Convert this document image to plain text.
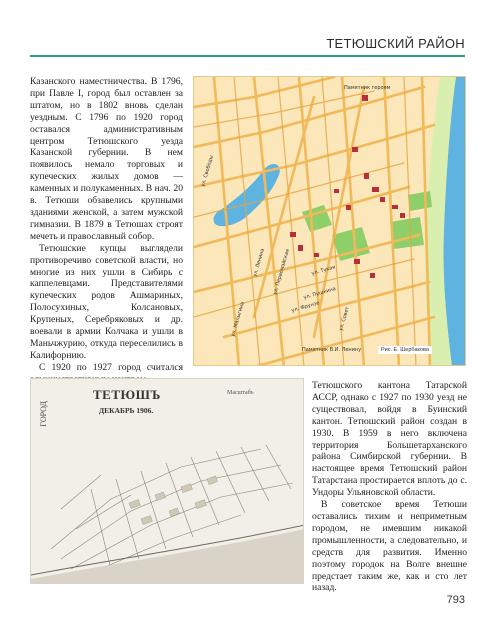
ТЕТЮШСКИЙ РАЙОН

Казанского наместничества. В 1796, при Павле I, город был оставлен за штатом, но в 1802 вновь сделан уездным. С 1796 по 1920 город оставался административным центром Тетюшского уезда Казанской губернии. В нем появилось немало торговых и купеческих жилых домов — каменных и полукаменных. В нач. 20 в. Тетюши обзавелись крупными зданиями женской, а затем мужской гимназии. В 1879 в Тетюшах строят мечеть и православный собор.

Тетюшские купцы выглядели противоречиво советской власти, но многие из них ушли в Сибирь с каппелевцами. Представителями купеческих родов Ашмариных, Полосухиных, Колсановых, Крупеных, Серебряковых и др. воевали в армии Колчака и ушли в Маньчжурию, откуда переселились в Калифорнию.

С 1920 по 1927 город считался

ул. Свободы
ул. Ленина
ул. Малыгина
ул. Первомайская ул. Пушкина
ул. Тукая
ул. Фрунзе	ул. Совет
Памятник В.И. Ленину
Памятник героям
Рис. Е. Шербакова
ГОРОД
ТЕТЮШЪ
ДЕКАБРЬ 1906.
Масштабъ

Тетюшского кантона Татарской АССР, однако с 1927 по 1930 уезд не существовал, войдя в Буинский кантон. Тетюшский район создан в 1930. В 1959 в него включена территория Большетарханского района Симбирской губернии. В настоящее время Тетюшский район Татарстана простирается вплоть до с. Ундоры Ульяновской области.

В советское время Тетюши оставались тихим и неприметным городом, не имевшим никакой промышленности, а следовательно, и средств для развития. Именно поэтому городок на Волге внешне предстает таким же, как и сто лет назад.

793
